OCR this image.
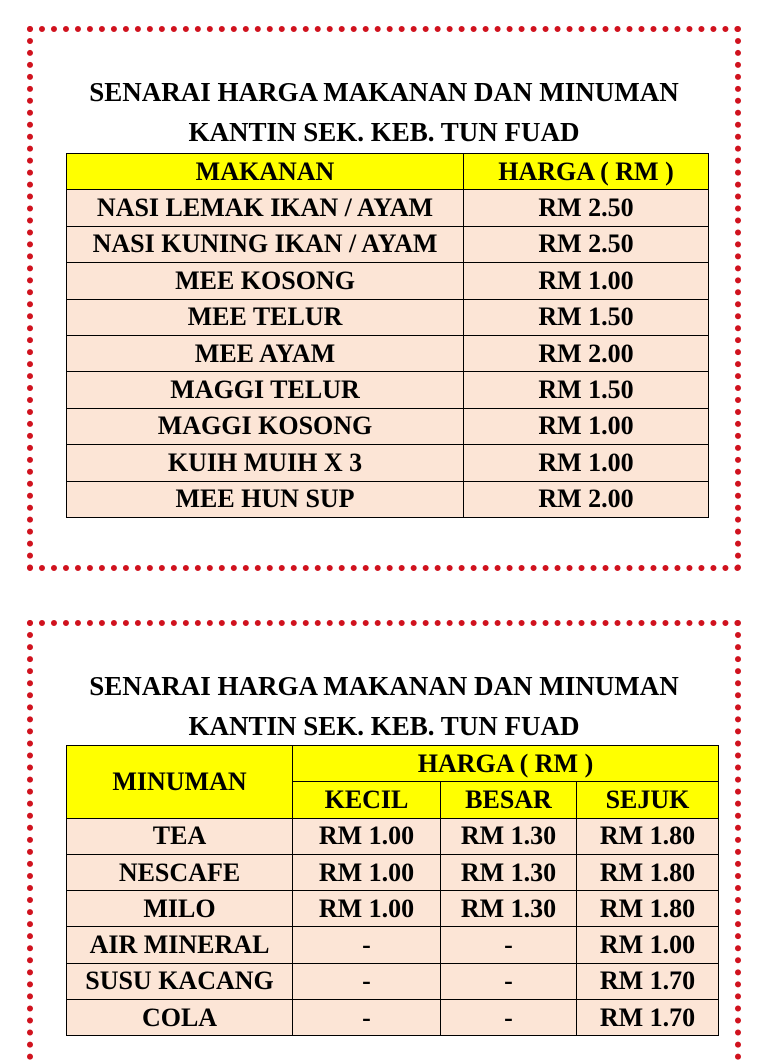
SENARAI HARGA MAKANAN DAN MINUMAN
KANTIN SEK. KEB. TUN FUAD
MAKANAN	HARGA ( RM )
NASI LEMAK IKAN / AYAM	RM 2.50
NASI KUNING IKAN / AYAM	RM 2.50
MEE KOSONG	RM 1.00
MEE TELUR	RM 1.50
MEE AYAM	RM 2.00
MAGGI TELUR	RM 1.50
MAGGI KOSONG	RM 1.00
KUIH MUIH X 3	RM 1.00
MEE HUN SUP	RM 2.00
SENARAI HARGA MAKANAN DAN MINUMAN
KANTIN SEK. KEB. TUN FUAD
MINUMAN	HARGA ( RM )		
	KECIL	BESAR	SEJUK
TEA	RM 1.00	RM 1.30	RM 1.80
NESCAFE	RM 1.00	RM 1.30	RM 1.80
MILO	RM 1.00	RM 1.30	RM 1.80
AIR MINERAL	-	-	RM 1.00
SUSU KACANG	-	-	RM 1.70
COLA	-	-	RM 1.70
